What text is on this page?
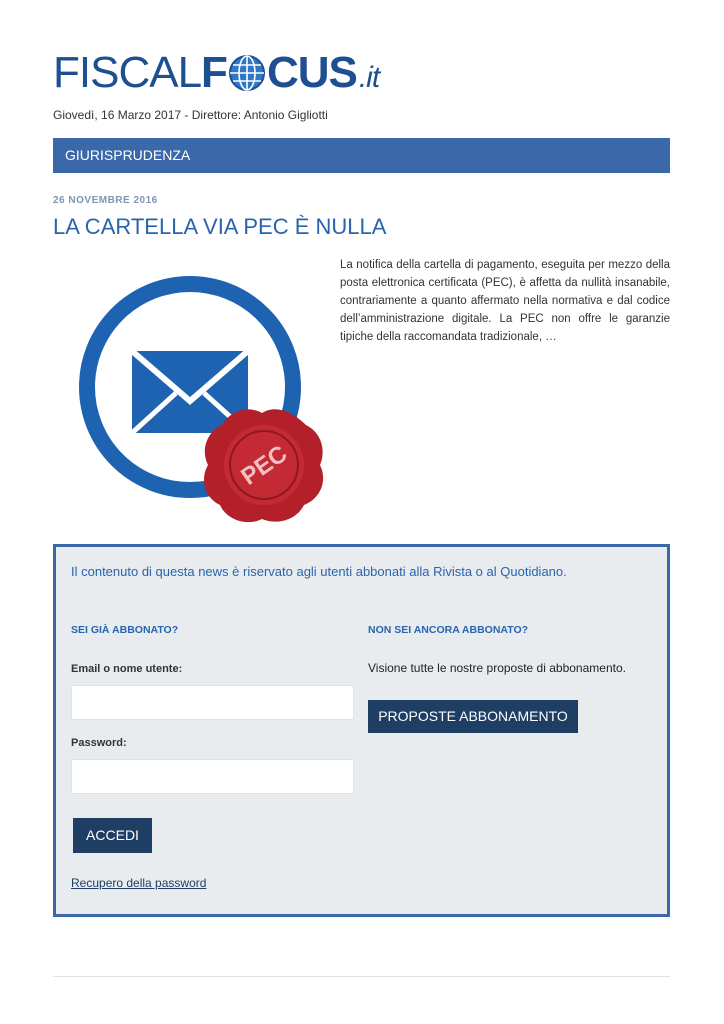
FISCAL F CUS .it
Giovedì, 16 Marzo 2017 - Direttore: Antonio Gigliotti
GIURISPRUDENZA
26 NOVEMBRE 2016
LA CARTELLA VIA PEC È NULLA
PEC
La notifica della cartella di pagamento, eseguita per mezzo della posta elettronica certificata (PEC), è affetta da nullità insanabile, contrariamente a quanto affermato nella normativa e dal codice dell’amministrazione digitale. La PEC non offre le garanzie tipiche della raccomandata tradizionale, …
Il contenuto di questa news è riservato agli utenti abbonati alla Rivista o al Quotidiano.
SEI GIÀ ABBONATO?
Email o nome utente:
Password:
ACCEDI
Recupero della password
NON SEI ANCORA ABBONATO?
Visione tutte le nostre proposte di abbonamento.
PROPOSTE ABBONAMENTO
